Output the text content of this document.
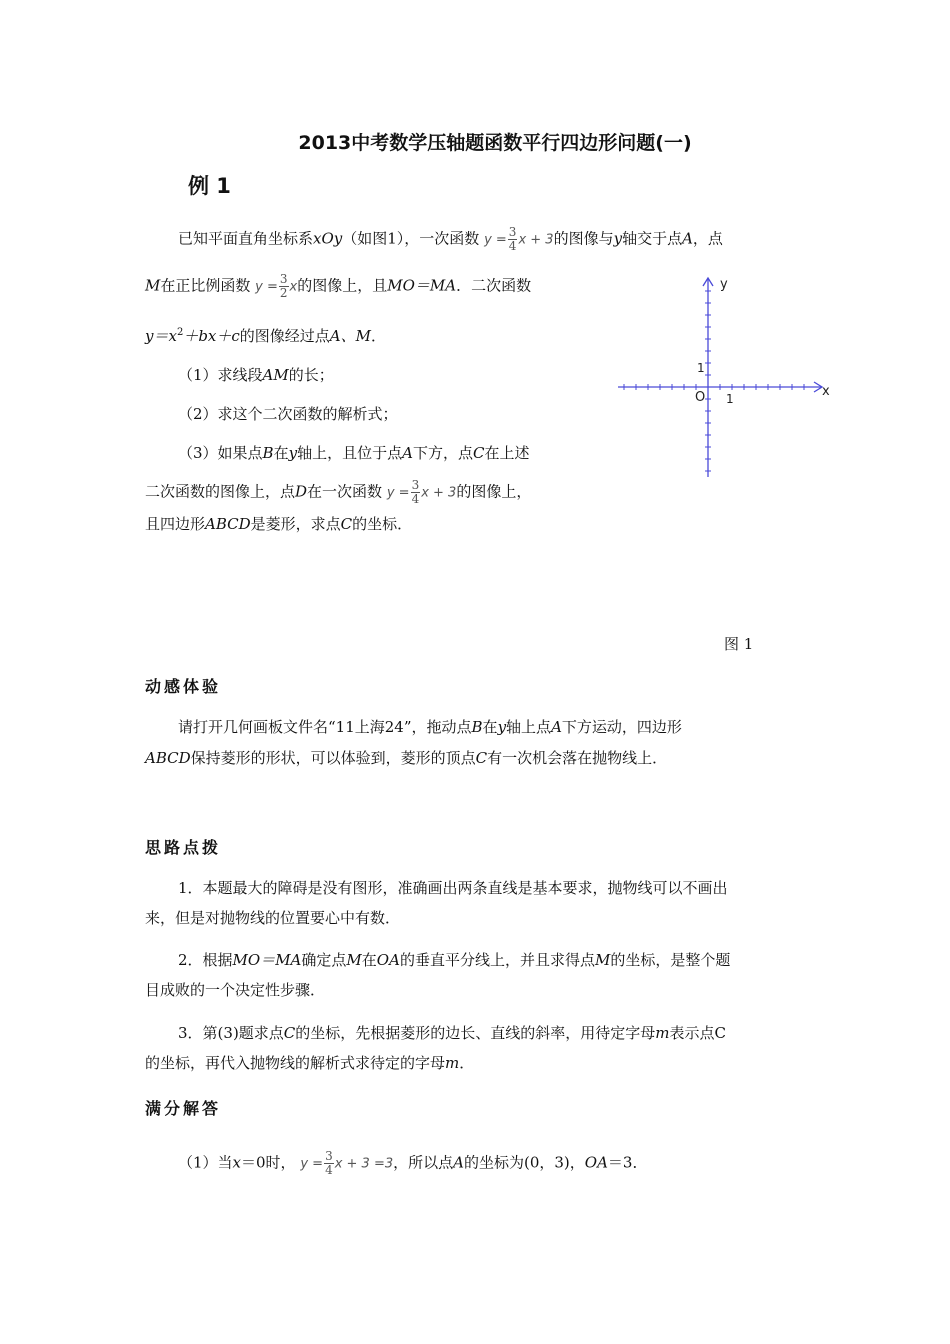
2013中考数学压轴题函数平行四边形问题(一)
例 1
已知平面直角坐标系xOy（如图1），一次函数 $y = \frac{3}{4}$ x + 3的图像与y轴交于点A，点
M在正比例函数 $y = \frac{3}{2}$ x的图像上，且MO＝MA．二次函数
$y=x^2+bx+c$的图像经过点A、M．
（1）求线段AM的长；
（2）求这个二次函数的解析式；
（3）如果点B在y轴上，且位于点A下方，点C在上述
二次函数的图像上，点D在一次函数 $y = \frac{3}{4}$ x + 3的图像上，
且四边形ABCD是菱形，求点C的坐标．
y
x
O 1
1
图 1
动感体验
请打开几何画板文件名“11上海24”，拖动点B在y轴上点A下方运动，四边形
ABCD保持菱形的形状，可以体验到，菱形的顶点C有一次机会落在抛物线上．
思路点拨
1．本题最大的障碍是没有图形，准确画出两条直线是基本要求，抛物线可以不画出
来，但是对抛物线的位置要心中有数．
2．根据MO＝MA确定点M在OA的垂直平分线上，并且求得点M的坐标，是整个题
目成败的一个决定性步骤．
3．第(3)题求点C的坐标，先根据菱形的边长、直线的斜率，用待定字母m表示点C
的坐标，再代入抛物线的解析式求待定的字母m．
满分解答
（1）当x＝0时， $y = \frac{3}{4}$ x + 3 =3，所以点A的坐标为(0，3)，OA＝3．
